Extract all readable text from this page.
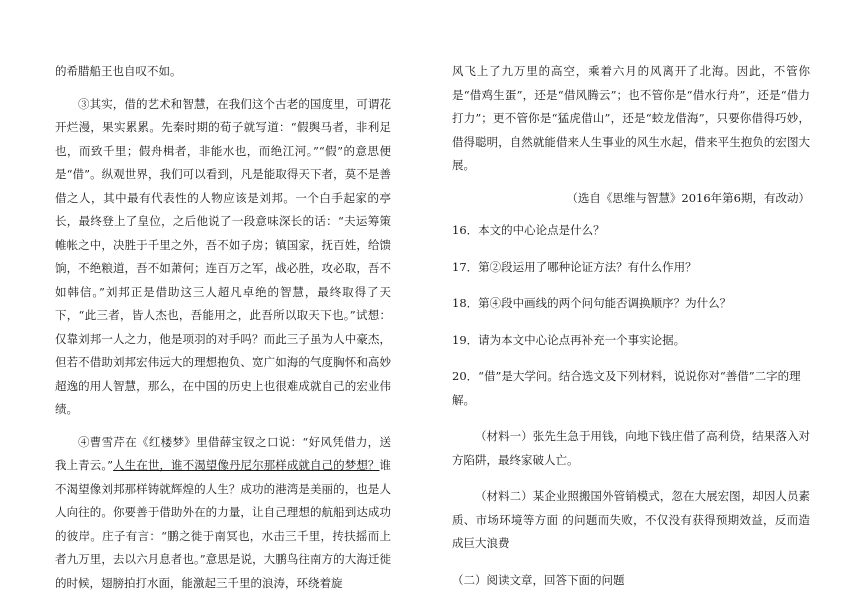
的希腊船王也自叹不如。

③其实，借的艺术和智慧，在我们这个古老的国度里，可谓花开烂漫，果实累累。先秦时期的荀子就写道：“假舆马者，非利足也，而致千里；假舟楫者，非能水也，而绝江河。”“假”的意思便是“借”。纵观世界，我们可以看到，凡是能取得天下者，莫不是善借之人，其中最有代表性的人物应该是刘邦。一个白手起家的亭长，最终登上了皇位，之后他说了一段意味深长的话：“夫运筹策帷帐之中，决胜于千里之外，吾不如子房；镇国家，抚百姓，给馈饷，不绝粮道，吾不如萧何；连百万之军，战必胜，攻必取，吾不如韩信。”刘邦正是借助这三人超凡卓绝的智慧，最终取得了天下，“此三者，皆人杰也，吾能用之，此吾所以取天下也。”试想：仅靠刘邦一人之力，他是项羽的对手吗？而此三子虽为人中豪杰，但若不借助刘邦宏伟远大的理想抱负、宽广如海的气度胸怀和高妙超逸的用人智慧，那么，在中国的历史上也很难成就自己的宏业伟绩。

④曹雪芹在《红楼梦》里借薛宝钗之口说：“好风凭借力，送我上青云。”人生在世，谁不渴望像丹尼尔那样成就自己的梦想？谁不渴望像刘邦那样铸就辉煌的人生？成功的港湾是美丽的，也是人人向往的。你要善于借助外在的力量，让自己理想的航船到达成功的彼岸。庄子有言：“鹏之徙于南冥也，水击三千里，抟扶摇而上者九万里，去以六月息者也。”意思是说，大鹏鸟往南方的大海迁徙的时候，翅膀拍打水面，能激起三千里的浪涛，环绕着旋

风飞上了九万里的高空，乘着六月的风离开了北海。因此，不管你是“借鸡生蛋”，还是“借风腾云”；也不管你是“借水行舟”，还是“借力打力”；更不管你是“猛虎借山”，还是“蛟龙借海”，只要你借得巧妙，借得聪明，自然就能借来人生事业的风生水起，借来平生抱负的宏图大展。

（选自《思维与智慧》2016年第6期，有改动）

16．本文的中心论点是什么？

17．第②段运用了哪种论证方法？有什么作用？

18．第④段中画线的两个问句能否调换顺序？为什么？

19．请为本文中心论点再补充一个事实论据。

20．“借”是大学问。结合选文及下列材料，说说你对“善借”二字的理解。

（材料一）张先生急于用钱，向地下钱庄借了高利贷，结果落入对方陷阱，最终家破人亡。

（材料二）某企业照搬国外管销模式，忽在大展宏图，却因人员素质、市场环境等方面 的问题而失败，不仅没有获得预期效益，反而造成巨大浪费

（二）阅读文章，回答下面的问题
